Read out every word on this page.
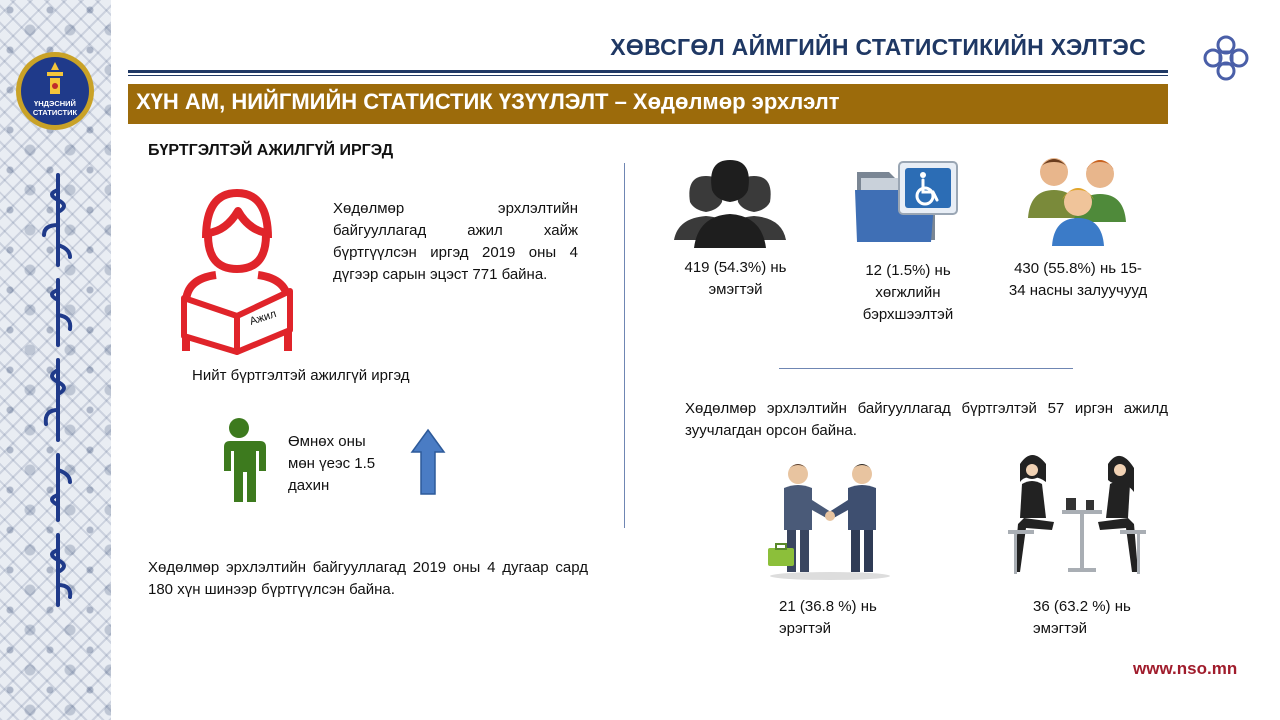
ҮНДЭСНИЙ
СТАТИСТИК
ХӨВСГӨЛ АЙМГИЙН СТАТИСТИКИЙН ХЭЛТЭС
ХҮН АМ, НИЙГМИЙН СТАТИСТИК ҮЗҮҮЛЭЛТ – Хөдөлмөр эрхлэлт
БҮРТГЭЛТЭЙ АЖИЛГҮЙ ИРГЭД
Ажил
Хөдөлмөр эрхлэлтийн байгууллагад ажил хайж бүртгүүлсэн иргэд 2019 оны 4 дүгээр сарын эцэст 771 байна.
Нийт бүртгэлтэй ажилгүй иргэд
Өмнөх оны мөн үеэс 1.5 дахин
Хөдөлмөр эрхлэлтийн байгууллагад 2019 оны 4 дугаар сард 180 хүн шинээр бүртгүүлсэн байна.
419 (54.3%) нь эмэгтэй
12 (1.5%) нь хөгжлийн бэрхшээлтэй
430 (55.8%) нь 15-34 насны залуучууд
Хөдөлмөр эрхлэлтийн байгууллагад бүртгэлтэй 57 иргэн ажилд зуучлагдан орсон байна.
21 (36.8 %) нь эрэгтэй
36 (63.2 %) нь эмэгтэй
www.nso.mn
